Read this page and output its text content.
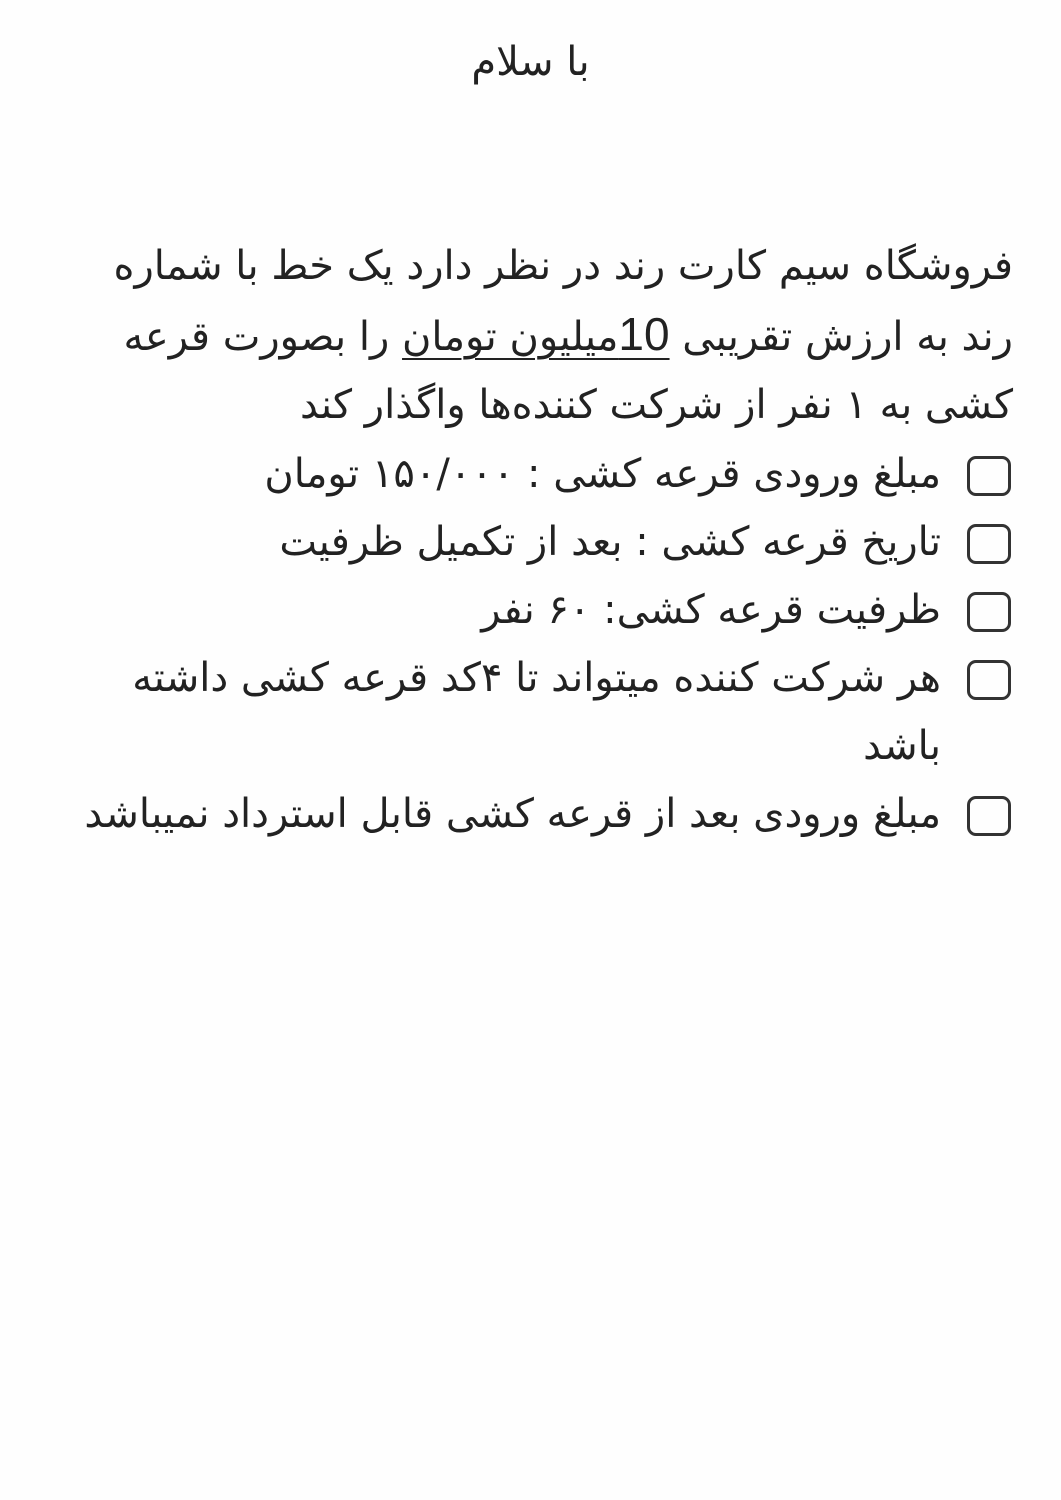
با سلام

فروشگاه سیم کارت رند در نظر دارد یک خط با شماره رند به ارزش تقریبی 10میلیون تومان را بصورت قرعه کشی به ۱ نفر از شرکت کننده‌ها واگذار کند

مبلغ ورودی قرعه کشی : ۱۵۰/۰۰۰ تومان
تاریخ قرعه کشی : بعد از تکمیل ظرفیت
ظرفیت قرعه کشی: ۶۰ نفر
هر شرکت کننده میتواند تا ۴کد قرعه کشی داشته باشد
مبلغ ورودی بعد از قرعه کشی قابل استرداد نمیباشد
